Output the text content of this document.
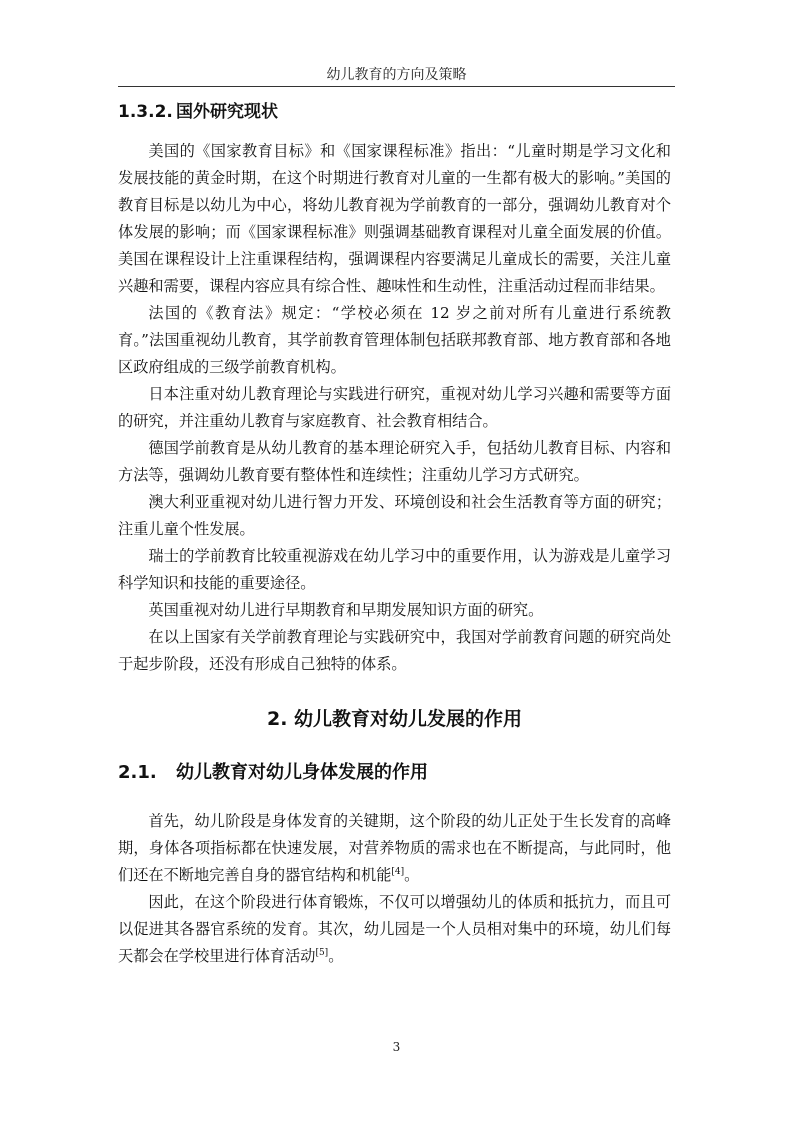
幼儿教育的方向及策略
1.3.2. 国外研究现状

美国的《国家教育目标》和《国家课程标准》指出：“儿童时期是学习文化和发展技能的黄金时期，在这个时期进行教育对儿童的一生都有极大的影响。”美国的教育目标是以幼儿为中心，将幼儿教育视为学前教育的一部分，强调幼儿教育对个体发展的影响；而《国家课程标准》则强调基础教育课程对儿童全面发展的价值。美国在课程设计上注重课程结构，强调课程内容要满足儿童成长的需要，关注儿童兴趣和需要，课程内容应具有综合性、趣味性和生动性，注重活动过程而非结果。

法国的《教育法》规定：“学校必须在 12 岁之前对所有儿童进行系统教育。”法国重视幼儿教育，其学前教育管理体制包括联邦教育部、地方教育部和各地区政府组成的三级学前教育机构。

日本注重对幼儿教育理论与实践进行研究，重视对幼儿学习兴趣和需要等方面的研究，并注重幼儿教育与家庭教育、社会教育相结合。

德国学前教育是从幼儿教育的基本理论研究入手，包括幼儿教育目标、内容和方法等，强调幼儿教育要有整体性和连续性；注重幼儿学习方式研究。

澳大利亚重视对幼儿进行智力开发、环境创设和社会生活教育等方面的研究；注重儿童个性发展。

瑞士的学前教育比较重视游戏在幼儿学习中的重要作用，认为游戏是儿童学习科学知识和技能的重要途径。

英国重视对幼儿进行早期教育和早期发展知识方面的研究。

在以上国家有关学前教育理论与实践研究中，我国对学前教育问题的研究尚处于起步阶段，还没有形成自己独特的体系。

2. 幼儿教育对幼儿发展的作用
2.1. 幼儿教育对幼儿身体发展的作用

首先，幼儿阶段是身体发育的关键期，这个阶段的幼儿正处于生长发育的高峰期，身体各项指标都在快速发展，对营养物质的需求也在不断提高，与此同时，他们还在不断地完善自身的器官结构和机能[4]。

因此，在这个阶段进行体育锻炼，不仅可以增强幼儿的体质和抵抗力，而且可以促进其各器官系统的发育。其次，幼儿园是一个人员相对集中的环境，幼儿们每天都会在学校里进行体育活动[5]。

3
